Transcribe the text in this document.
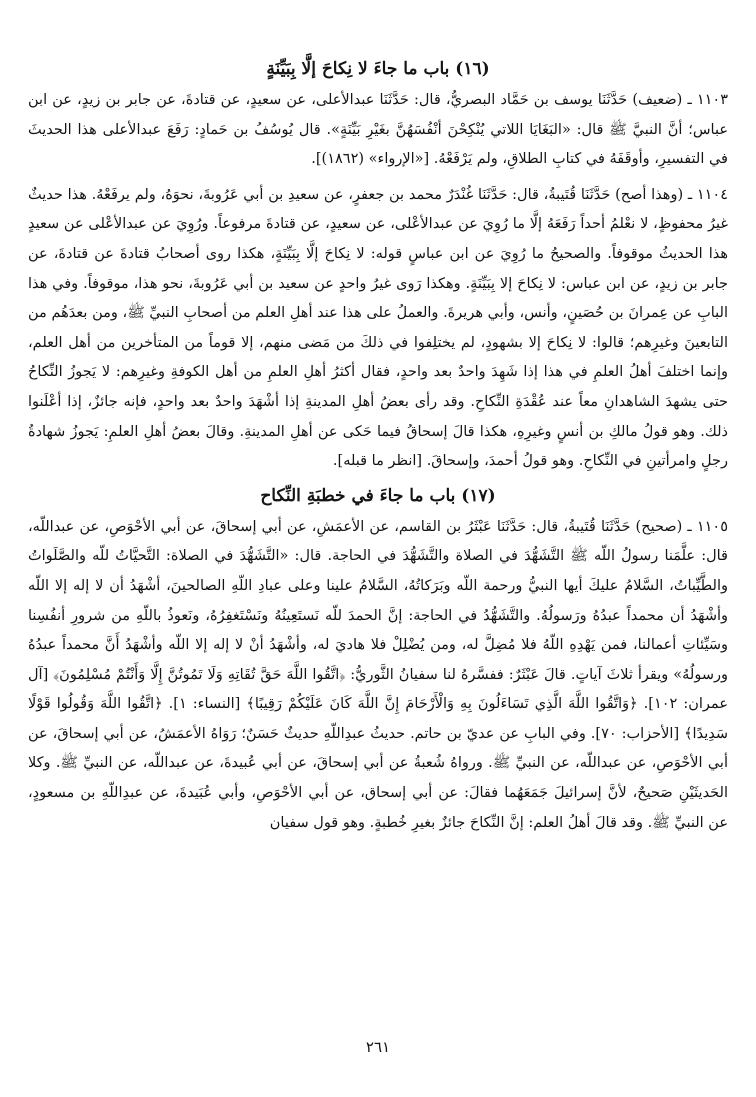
(١٦) باب ما جاءَ لا نِكاحَ إلَّا بِبَيِّنَةٍ

١١٠٣ ـ (ضعيف) حَدَّثَنَا يوسف بن حَمَّاد البصريُّ، قال: حَدَّثَنَا عبدالأعلى، عن سعيدٍ، عن قتادةَ، عن جابر بن زيدٍ، عن ابن عباس؛ أنَّ النبيَّ ﷺ قال: «البَغَايَا اللاتي يُنْكِحْنَ أنْفُسَهُنَّ بغَيْرِ بَيِّنَةٍ». قال يُوسُفُ بن حَمادٍ: رَفَعَ عبدالأعلى هذا الحديثَ في التفسيرِ، وأوقَفَهُ في كتابِ الطلاقِ، ولم يَرْفَعْهُ. [«الإرواء» (١٨٦٢)].

١١٠٤ ـ (وهذا أصح) حَدَّثَنَا قُتَيبةُ، قال: حَدَّثَنَا غُنْدَرٌ محمد بن جعفرٍ، عن سعيدِ بن أبي عَرُوبةَ، نحوَهُ، ولم يرفَعْهُ. هذا حديثٌ غيرُ محفوظٍ، لا نعْلمُ أحداً رَفَعَهُ إلَّا ما رُوِيَ عن عبدالأعْلى، عن سعيدٍ، عن قتادةَ مرفوعاً. ورُوِيَ عن عبدالأعْلى عن سعيدٍ هذا الحديثُ موقوفاً. والصحيحُ ما رُوِيَ عن ابن عباسٍ قوله: لا نِكاحَ إلَّا بِبَيِّنَةٍ، هكذا روى أصحابُ قتادةَ عن قتادةَ، عن جابر بن زيدٍ، عن ابن عباس: لا نِكاحَ إلا بِبَيِّنَةٍ. وهكذا رَوى غيرُ واحدٍ عن سعيد بن أبي عَرُوبةَ، نحو هذا، موقوفاً. وفي هذا البابِ عن عِمرانَ بن حُصَينٍ، وأنس، وأبي هريرةَ. والعملُ على هذا عند أهلِ العلم من أصحابِ النبيِّ ﷺ، ومن بعدَهُم من التابعينَ وغيرِهم؛ قالوا: لا نِكاحَ إلا بشهودٍ، لم يختلِفوا في ذلكَ من مَضى منهم، إلا قوماً من المتأخرين من أهل العلم، وإنما اختلفَ أهلُ العلمِ في هذا إذا شَهِدَ واحدٌ بعد واحدٍ، فقال أكثرُ أهلِ العلمِ من أهل الكوفةِ وغيرِهم: لا يَجوزُ النِّكاحُ حتى يشهدَ الشاهدانِ معاً عند عُقْدَةِ النِّكاحِ. وقد رأى بعضُ أهلِ المدينةِ إذا أشْهَدَ واحدٌ بعد واحدٍ، فإنه جائزٌ، إذا أعْلَنوا ذلك. وهو قولُ مالكِ بن أنسٍ وغيرِهِ، هكذا قالَ إسحاقُ فيما حَكى عن أهلِ المدينةِ. وقالَ بعضُ أهلِ العلمِ: يَجوزُ شهادةُ رجلٍ وامرأتينِ في النِّكاحِ. وهو قولُ أحمدَ، وإسحاقَ. [انظر ما قبله].

(١٧) باب ما جاءَ في خطبَةِ النِّكاح

١١٠٥ ـ (صحيح) حَدَّثَنَا قُتَيبةُ، قال: حَدَّثَنَا عَبْثَرُ بن القاسم، عن الأعمَشِ، عن أبي إسحاقَ، عن أبي الأحْوَصِ، عن عبداللّه، قال: علَّمَنا رسولُ اللّه ﷺ التَّشَهُّدَ في الصلاة والتَّشَهُّدَ في الحاجة. قال: «التَّشَهُّدَ في الصلاة: التَّحيَّاتُ للّه والصَّلَواتُ والطَّيِّباتُ، السَّلامُ عليكَ أيها النبيُّ ورحمة اللّه وبَرَكاتُهُ، السَّلامُ علينا وعلى عبادِ اللّهِ الصالحينَ، أشْهَدُ أن لا إله إلا اللّه وأشْهَدُ أن محمداً عبدُهُ ورَسولُهُ. والتَّشَهُّدُ في الحاجة: إنَّ الحمدَ للّه نَستَعِينُهُ ونَسْتَغفِرُهُ، ونَعوذُ باللّهِ من شرورِ أنفُسِنا وسَيِّئاتِ أعمالنا، فمن يَهْدِهِ اللّهُ فلا مُضِلَّ له، ومن يُضْلِلْ فلا هاديَ له، وأشْهَدُ أنْ لا إله إلا اللّه وأشْهَدُ أَنَّ محمداً عبدُهُ ورسولُهُ» ويقرأ ثلاثَ آياتٍ. قالَ عَبْثَرٌ: ففسَّرهُ لنا سفيانُ الثَّوريُّ: ﴿اتَّقُوا اللَّهَ حَقَّ تُقَاتِهِ وَلَا تَمُوتُنَّ إِلَّا وَأَنْتُمْ مُسْلِمُونَ﴾ [آل عمران: ١٠٢]. ﴿وَاتَّقُوا اللَّهَ الَّذِي تَسَاءَلُونَ بِهِ وَالْأَرْحَامَ إِنَّ اللَّهَ كَانَ عَلَيْكُمْ رَقِيبًا﴾ [النساء: ١]. ﴿اتَّقُوا اللَّهَ وَقُولُوا قَوْلًا سَدِيدًا﴾ [الأحزاب: ٧٠]. وفي البابِ عن عديّ بن حاتم. حديثُ عبدِاللّهِ حديثٌ حَسَنٌ؛ رَوَاهُ الأعمَشُ، عن أبي إسحاقَ، عن أبي الأحْوَصِ، عن عبداللّه، عن النبيِّ ﷺ. ورواهُ شُعبةُ عن أبي إسحاقَ، عن أبي عُبيدةَ، عن عبداللّه، عن النبيِّ ﷺ. وكلا الحَديثَيْنِ صَحيحٌ، لأنَّ إسرائيلَ جَمَعَهُما فقالَ: عن أبي إسحاق، عن أبي الأحْوَصِ، وأبي عُبَيدةَ، عن عبدِاللّهِ بن مسعودٍ، عن النبيِّ ﷺ. وقد قالَ أهلُ العلم: إنَّ النِّكاحَ جائزٌ بغيرِ خُطبةٍ. وهو قول سفيان

٢٦١
